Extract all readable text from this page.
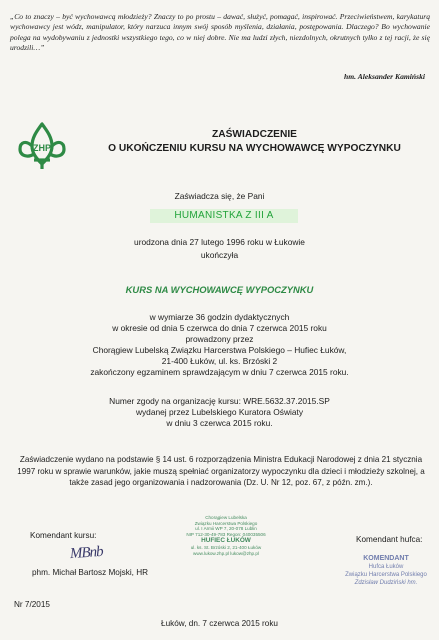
„Co to znaczy – być wychowawcą młodzieży? Znaczy to po prostu – dawać, służyć, pomagać, inspirować. Przeciwieństwem, karykaturą wychowawcy jest wódz, manipulator, który narzuca innym swój sposób myślenia, działania, postępowania. Dlaczego? Bo wychowanie polega na wydobywaniu z jednostki wszystkiego tego, co w niej dobre. Nie ma ludzi złych, niezdolnych, okrutnych tylko z tej racji, że się urodzili…”
hm. Aleksander Kamiński
ZHP
ZAŚWIADCZENIE
O UKOŃCZENIU KURSU NA WYCHOWAWCĘ WYPOCZYNKU
Zaświadcza się, że Pani
HUMANISTKA Z III A
urodzona dnia 27 lutego 1996 roku w Łukowie
ukończyła
KURS NA WYCHOWAWCĘ WYPOCZYNKU
w wymiarze 36 godzin dydaktycznych
w okresie od dnia 5 czerwca do dnia 7 czerwca 2015 roku
prowadzony przez
Chorągiew Lubelską Związku Harcerstwa Polskiego – Hufiec Łuków,
21-400 Łuków, ul. ks. Brzóski 2
zakończony egzaminem sprawdzającym w dniu 7 czerwca 2015 roku.
Numer zgody na organizację kursu: WRE.5632.37.2015.SP
wydanej przez Lubelskiego Kuratora Oświaty
w dniu 3 czerwca 2015 roku.
Zaświadczenie wydano na podstawie § 14 ust. 6 rozporządzenia Ministra Edukacji Narodowej z dnia 21 stycznia 1997 roku w sprawie warunków, jakie muszą spełniać organizatorzy wypoczynku dla dzieci i młodzieży szkolnej, a także zasad jego organizowania i nadzorowania (Dz. U. Nr 12, poz. 67, z późn. zm.).
Komendant kursu:
MBnb
phm. Michał Bartosz Mojski, HR
Chorągiew Lubelska
Związku Harcerstwa Polskiego
ul. I Armii WP 7, 20-078 Lublin
NIP 712-30-49-783 Regon: 040035506
HUFIEC ŁUKÓW
ul. ks. St. Brzóski 2, 21-400 Łuków
www.lukow.zhp.pl lukow@zhp.pl
Komendant hufca:
KOMENDANT
Hufca Łuków
Związku Harcerstwa Polskiego
Zdzisław Dudziński hm.
Nr 7/2015
Łuków, dn. 7 czerwca 2015 roku
